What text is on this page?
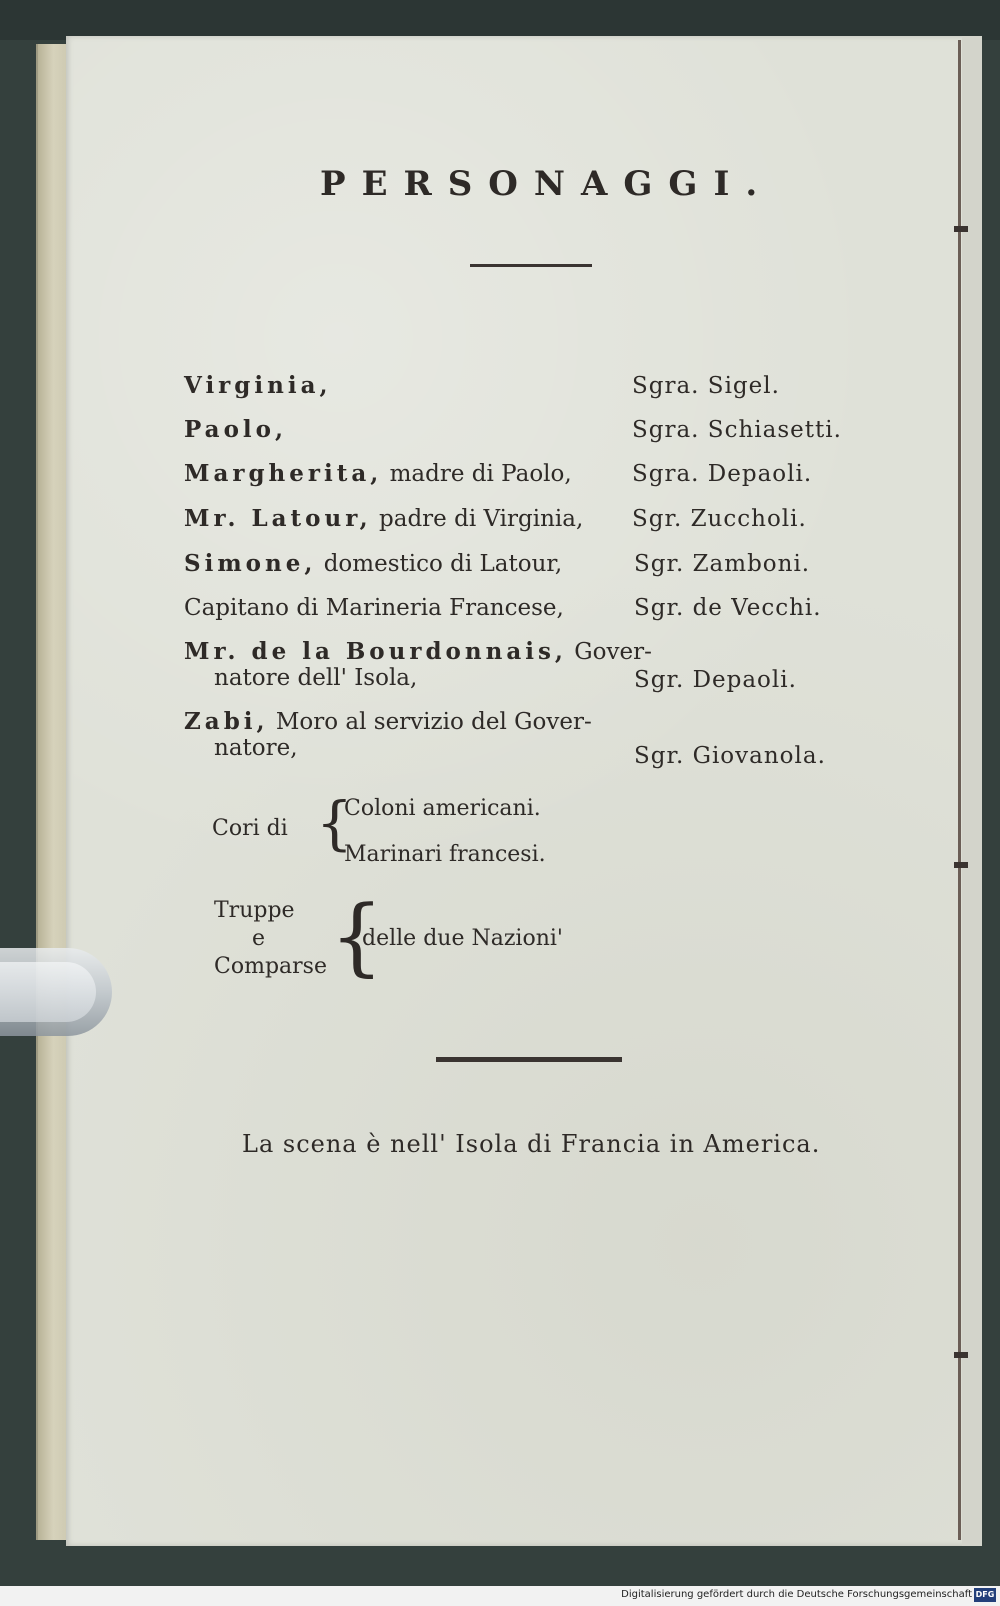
PERSONAGGI.
Virginia,	Sgra. Sigel.
Paolo,	Sgra. Schiasetti.
Margherita, madre di Paolo,	Sgra. Depaoli.
Mr. Latour, padre di Virginia, Sgr. Zuccholi.
Simone, domestico di Latour,	Sgr. Zamboni.
Capitano di Marineria Francese,	Sgr. de Vecchi.
Mr. de la Bourdonnais, Gover-
natore dell' Isola,	Sgr. Depaoli.
Zabi, Moro al servizio del Gover-
natore,	Sgr. Giovanola.
Cori di {
Coloni americani.
Marinari francesi.
Truppe
e
Comparse {
delle due Nazioni'
La scena è nell' Isola di Francia in America.
Digitalisierung gefördert durch die Deutsche Forschungsgemeinschaft DFG
